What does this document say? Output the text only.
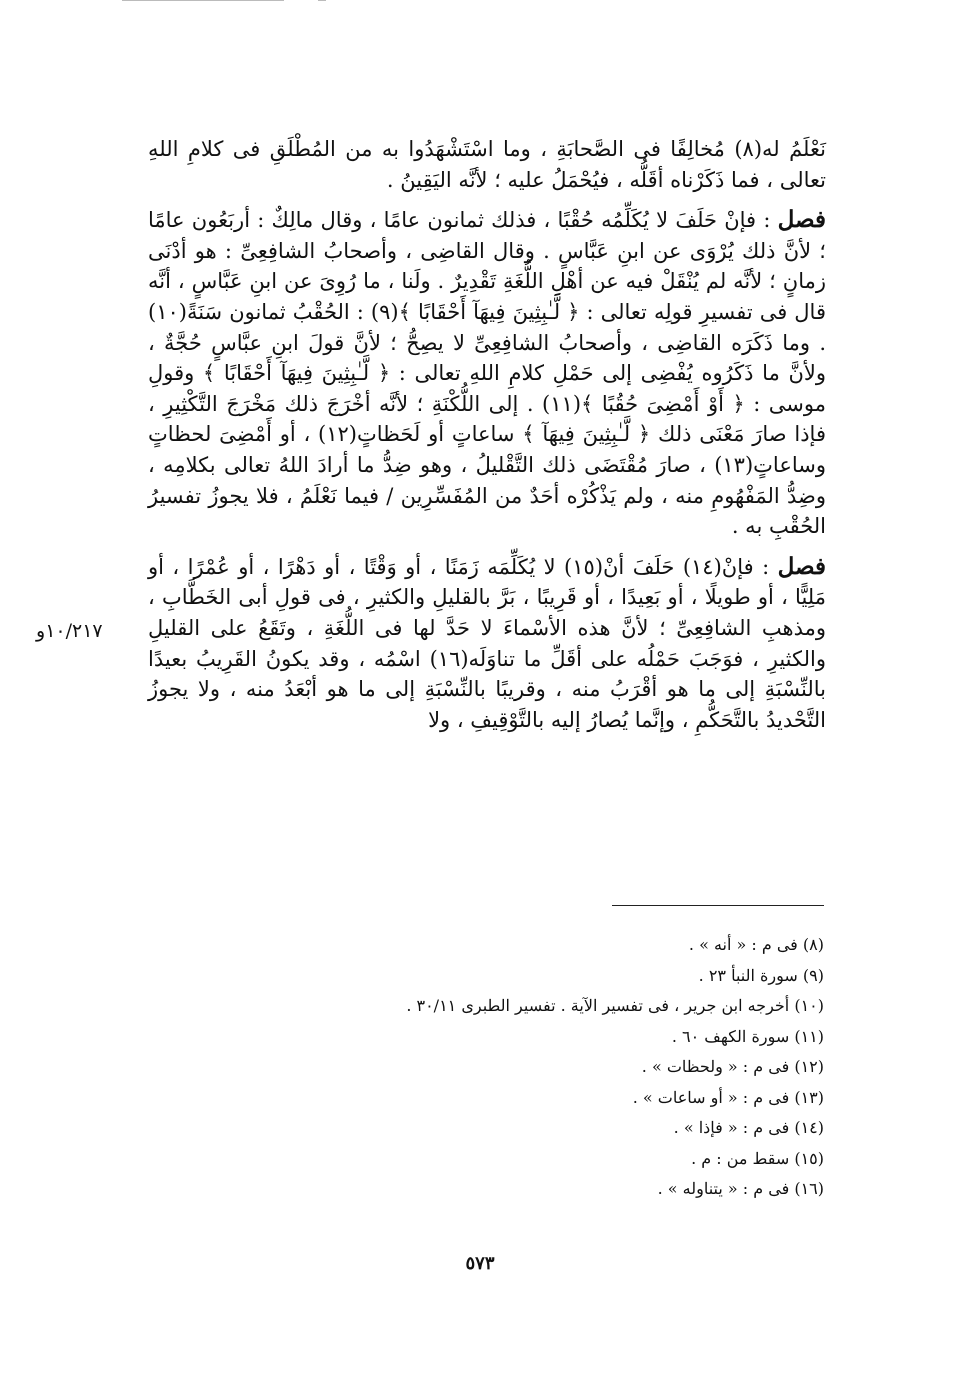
نَعْلَمُ له(٨) مُخالِفًا فى الصَّحابَةِ ، وما اسْتَشْهَدُوا به من المُطْلَقِ فى كلامِ اللهِ تعالى ، فما ذَكَرْناه أقَلُّه ، فيُحْمَلُ عليه ؛ لأنَّه اليَقِينُ .

فصل : فإنْ حَلَفَ لا يُكَلِّمُه حُقْبًا ، فذلك ثمانون عامًا ، وقال مالِكٌ : أربَعُون عامًا ؛ لأنَّ ذلك يُرْوَى عن ابنِ عَبَّاسٍ . وقال القاضِى ، وأصحابُ الشافِعِىِّ : هو أدْنَى زمانٍ ؛ لأنَّه لم يُنْقَلْ فيه عن أهْلِ اللُّغَةِ تَقْدِيرٌ . ولَنا ، ما رُوِىَ عن ابنِ عَبَّاسٍ ، أنَّه قال فى تفسيرِ قولِه تعالى : ﴿ لَّـٰبِثِينَ فِيهَآ أَحْقَابًا ﴾(٩) : الحُقْبُ ثمانون سَنَةً(١٠) . وما ذَكَرَه القاضِى ، وأصحابُ الشافِعِىِّ لا يصِحُّ ؛ لأنَّ قولَ ابنِ عبَّاسٍ حُجَّةٌ ، ولأنَّ ما ذَكَرُوه يُفْضِى إلى حَمْلِ كلامِ اللهِ تعالى : ﴿ لَّـٰبِثِينَ فِيهَآ أَحْقَابًا ﴾ وقولِ موسى : ﴿ أَوْ أَمْضِىَ حُقُبًا ﴾(١١) . إلى اللُّكْنَةِ ؛ لأنَّه أخْرَجَ ذلك مَخْرَجَ التَّكْثِيرِ ، فإذا صارَ مَعْنَى ذلك ﴿ لَّـٰبِثِينَ فِيهَآ ﴾ ساعاتٍ أو لَحَظاتٍ(١٢) ، أو أَمْضِىَ لحظاتٍ وساعاتٍ(١٣) ، صارَ مُقْتَضَى ذلك التَّقْليلُ ، وهو ضِدُّ ما أرادَ اللهُ تعالى بكلامِه ، وضِدُّ المَفْهُومِ منه ، ولم يَذْكُرْه أحَدٌ من المُفَسِّرِين / فيما نَعْلَمُ ، فلا يجوزُ تفسيرُ الحُقْبِ به .

فصل : فإنْ(١٤) حَلَفَ أنْ(١٥) لا يُكَلِّمَه زَمَنًا ، أو وَقْتًا ، أو دَهْرًا ، أو عُمْرًا ، أو مَلِيًّا ، أو طويلًا ، أو بَعِيدًا ، أو قَرِيبًا ، بَرَّ بالقليلِ والكثيرِ ، فى قولِ أبى الخَطَّابِ ، ومذهبِ الشافِعِىِّ ؛ لأنَّ هذه الأسْماءَ لا حَدَّ لها فى اللُّغَةِ ، وتَقَعُ على القليلِ والكثيرِ ، فوَجَبَ حَمْلُه على أقَلِّ ما تناوَلَه(١٦) اسْمُه ، وقد يكونُ القَرِيبُ بعيدًا بالنِّسْبَةِ إلى ما هو أقْرَبُ منه ، وقريبًا بالنِّسْبَةِ إلى ما هو أبْعَدُ منه ، ولا يجوزُ التَّحْديدُ بالتَّحَكُّمِ ، وإنَّما يُصارُ إليه بالتَّوْقِيفِ ، ولا

١٠/٢١٧و
(٨) فى م : « أنه » .
(٩) سورة النبأ ٢٣ .
(١٠) أخرجه ابن جرير ، فى تفسير الآية . تفسير الطبرى ٣٠/١١ .
(١١) سورة الكهف ٦٠ .
(١٢) فى م : « ولحظات » .
(١٣) فى م : « أو ساعات » .
(١٤) فى م : « فإذا » .
(١٥) سقط من : م .
(١٦) فى م : « يتناوله » .
٥٧٣
